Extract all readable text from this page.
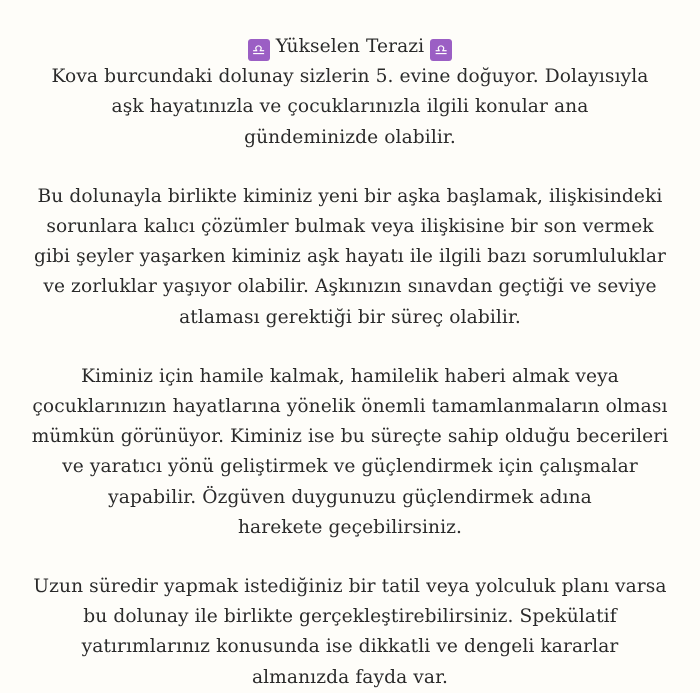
♎ Yükselen Terazi ♎
Kova burcundaki dolunay sizlerin 5. evine doğuyor. Dolayısıyla
aşk hayatınızla ve çocuklarınızla ilgili konular ana
gündeminizde olabilir.
Bu dolunayla birlikte kiminiz yeni bir aşka başlamak, ilişkisindeki
sorunlara kalıcı çözümler bulmak veya ilişkisine bir son vermek
gibi şeyler yaşarken kiminiz aşk hayatı ile ilgili bazı sorumluluklar
ve zorluklar yaşıyor olabilir. Aşkınızın sınavdan geçtiği ve seviye
atlaması gerektiği bir süreç olabilir.
Kiminiz için hamile kalmak, hamilelik haberi almak veya
çocuklarınızın hayatlarına yönelik önemli tamamlanmaların olması
mümkün görünüyor. Kiminiz ise bu süreçte sahip olduğu becerileri
ve yaratıcı yönü geliştirmek ve güçlendirmek için çalışmalar
yapabilir. Özgüven duygunuzu güçlendirmek adına
harekete geçebilirsiniz.
Uzun süredir yapmak istediğiniz bir tatil veya yolculuk planı varsa
bu dolunay ile birlikte gerçekleştirebilirsiniz. Spekülatif
yatırımlarınız konusunda ise dikkatli ve dengeli kararlar
almanızda fayda var.
